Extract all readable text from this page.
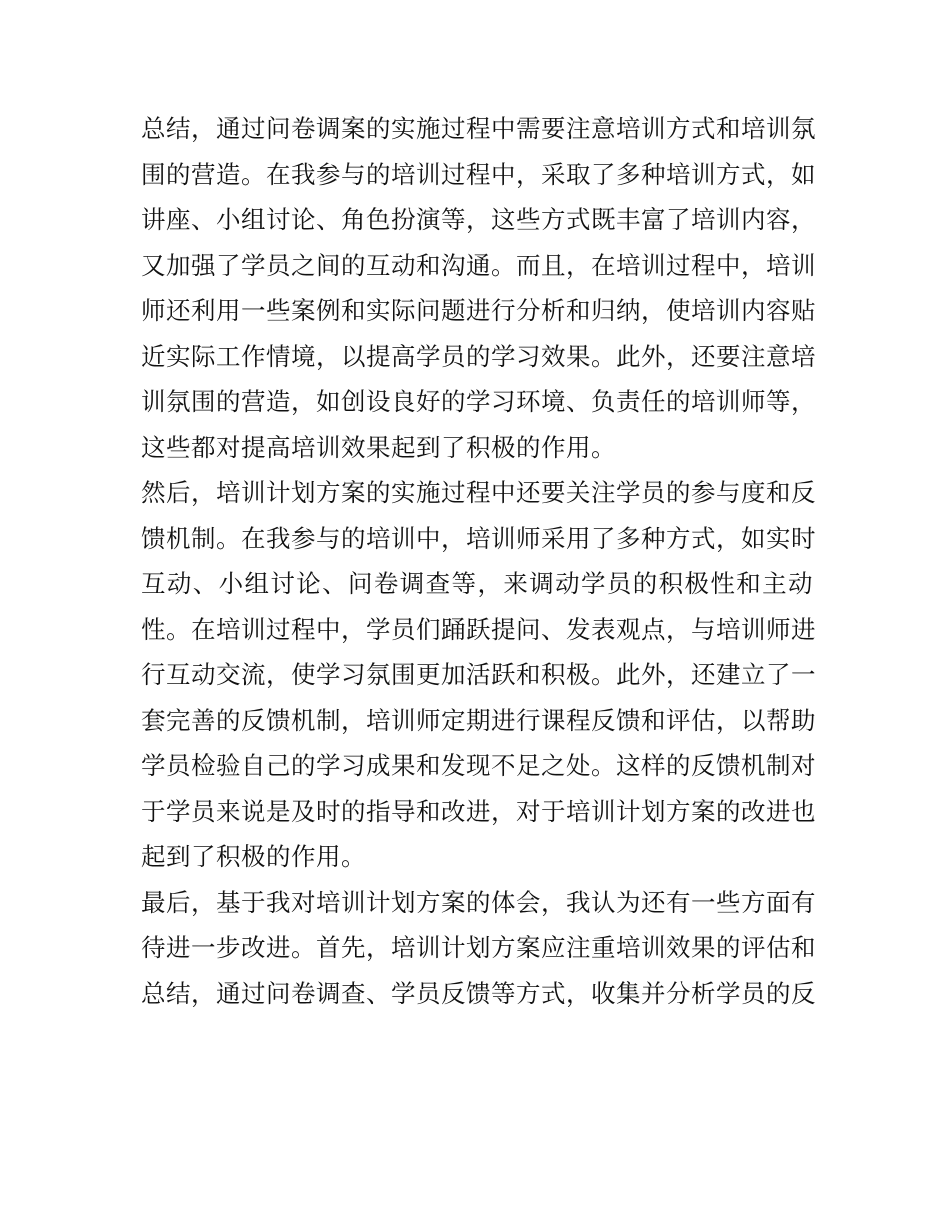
总结，通过问卷调案的实施过程中需要注意培训方式和培训氛
围的营造。在我参与的培训过程中，采取了多种培训方式，如
讲座、小组讨论、角色扮演等，这些方式既丰富了培训内容，
又加强了学员之间的互动和沟通。而且，在培训过程中，培训
师还利用一些案例和实际问题进行分析和归纳，使培训内容贴
近实际工作情境，以提高学员的学习效果。此外，还要注意培
训氛围的营造，如创设良好的学习环境、负责任的培训师等，
这些都对提高培训效果起到了积极的作用。
然后，培训计划方案的实施过程中还要关注学员的参与度和反
馈机制。在我参与的培训中，培训师采用了多种方式，如实时
互动、小组讨论、问卷调查等，来调动学员的积极性和主动
性。在培训过程中，学员们踊跃提问、发表观点，与培训师进
行互动交流，使学习氛围更加活跃和积极。此外，还建立了一
套完善的反馈机制，培训师定期进行课程反馈和评估，以帮助
学员检验自己的学习成果和发现不足之处。这样的反馈机制对
于学员来说是及时的指导和改进，对于培训计划方案的改进也
起到了积极的作用。
最后，基于我对培训计划方案的体会，我认为还有一些方面有
待进一步改进。首先，培训计划方案应注重培训效果的评估和
总结，通过问卷调查、学员反馈等方式，收集并分析学员的反
